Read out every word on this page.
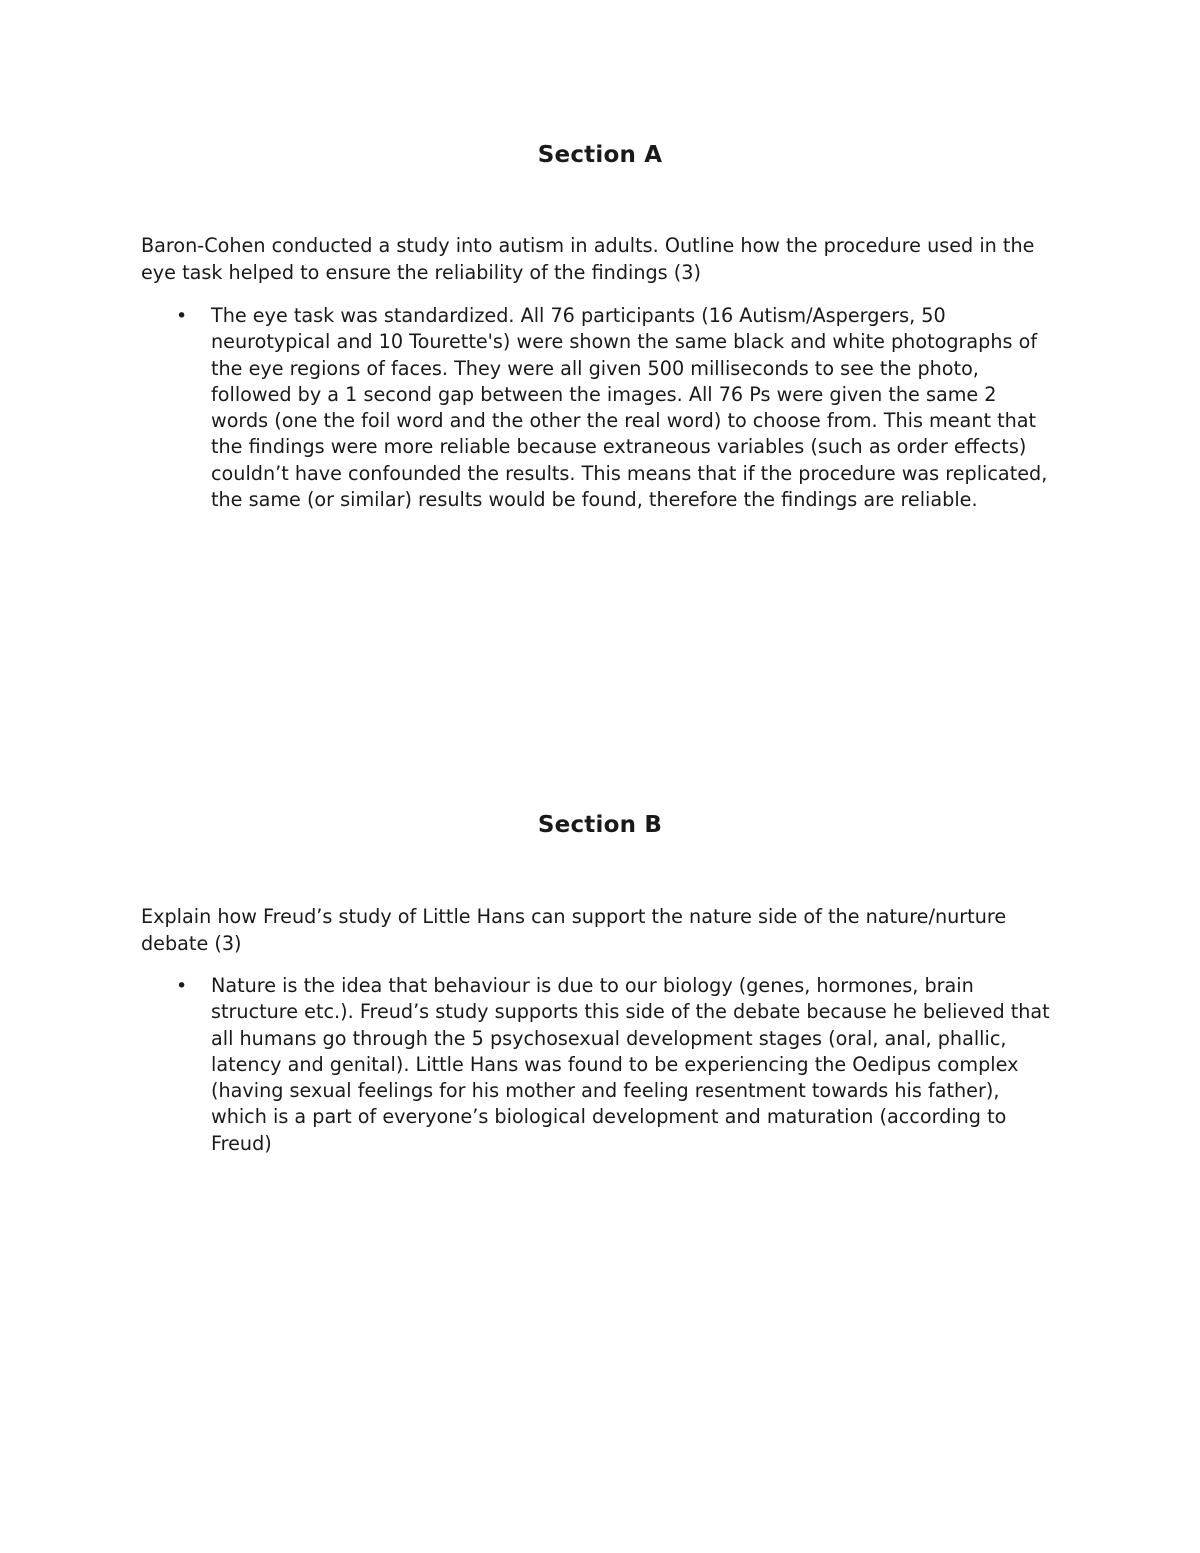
Section A

Baron-Cohen conducted a study into autism in adults. Outline how the procedure used in the eye task helped to ensure the reliability of the findings (3)

• The eye task was standardized. All 76 participants (16 Autism/Aspergers, 50 neurotypical and 10 Tourette's) were shown the same black and white photographs of the eye regions of faces. They were all given 500 milliseconds to see the photo, followed by a 1 second gap between the images. All 76 Ps were given the same 2 words (one the foil word and the other the real word) to choose from. This meant that the findings were more reliable because extraneous variables (such as order effects) couldn’t have confounded the results. This means that if the procedure was replicated, the same (or similar) results would be found, therefore the findings are reliable.
Section B

Explain how Freud’s study of Little Hans can support the nature side of the nature/nurture debate (3)

• Nature is the idea that behaviour is due to our biology (genes, hormones, brain structure etc.). Freud’s study supports this side of the debate because he believed that all humans go through the 5 psychosexual development stages (oral, anal, phallic, latency and genital). Little Hans was found to be experiencing the Oedipus complex (having sexual feelings for his mother and feeling resentment towards his father), which is a part of everyone’s biological development and maturation (according to Freud)
